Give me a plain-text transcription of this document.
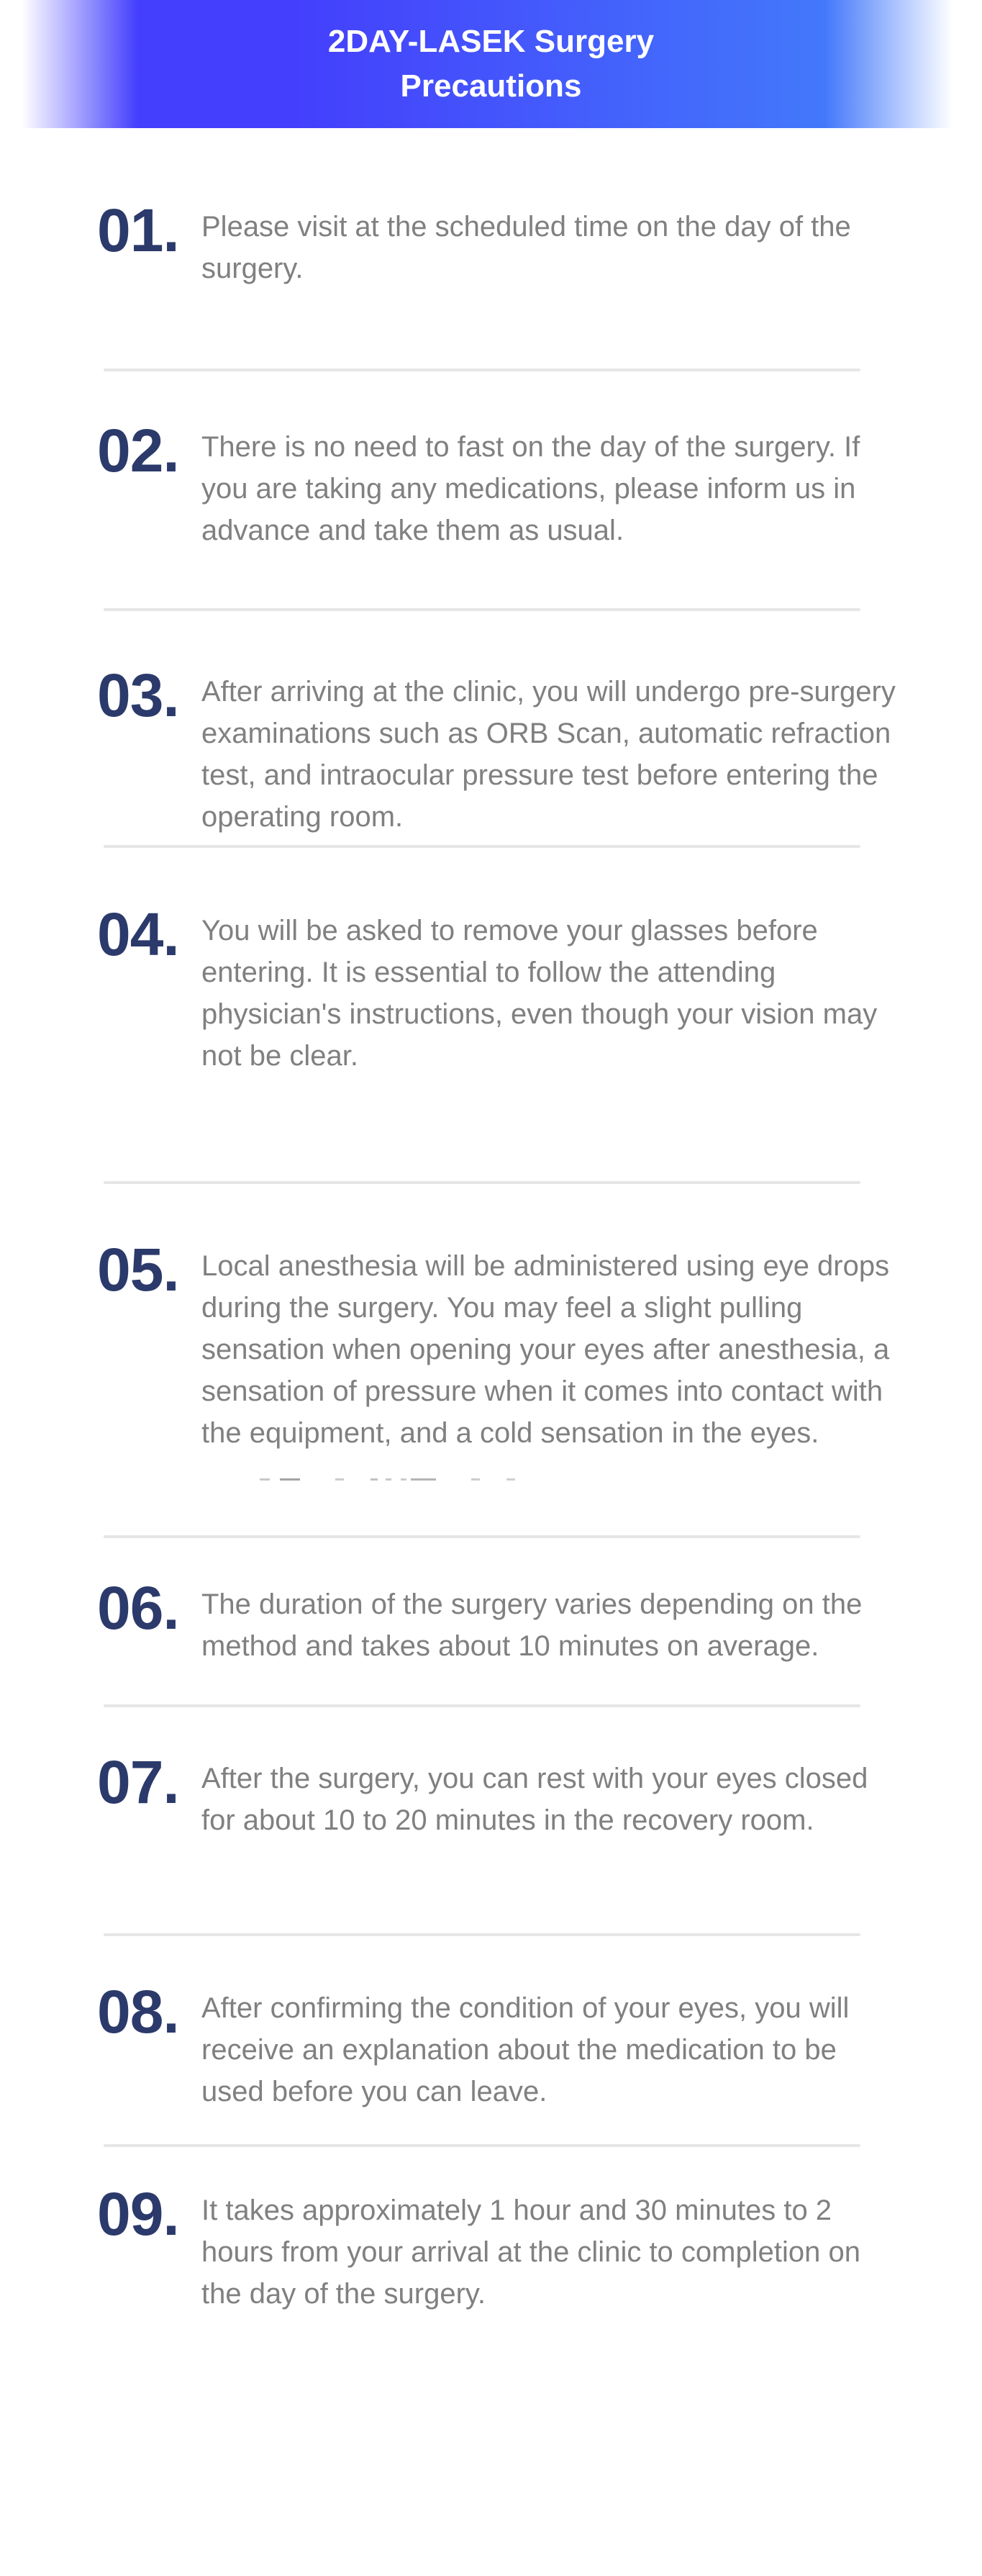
2DAY-LASEK Surgery
Precautions
01. Please visit at the scheduled time on the day of the surgery.

02. There is no need to fast on the day of the surgery. If you are taking any medications, please inform us in advance and take them as usual.

03. After arriving at the clinic, you will undergo pre-surgery examinations such as ORB Scan, automatic refraction test, and intraocular pressure test before entering the operating room.

04. You will be asked to remove your glasses before entering. It is essential to follow the attending physician's instructions, even though your vision may not be clear.

05. Local anesthesia will be administered using eye drops during the surgery. You may feel a slight pulling sensation when opening your eyes after anesthesia, a sensation of pressure when it comes into contact with the equipment, and a cold sensation in the eyes.

06. The duration of the surgery varies depending on the method and takes about 10 minutes on average.

07. After the surgery, you can rest with your eyes closed for about 10 to 20 minutes in the recovery room.

08. After confirming the condition of your eyes, you will receive an explanation about the medication to be used before you can leave.

09. It takes approximately 1 hour and 30 minutes to 2 hours from your arrival at the clinic to completion on the day of the surgery.
